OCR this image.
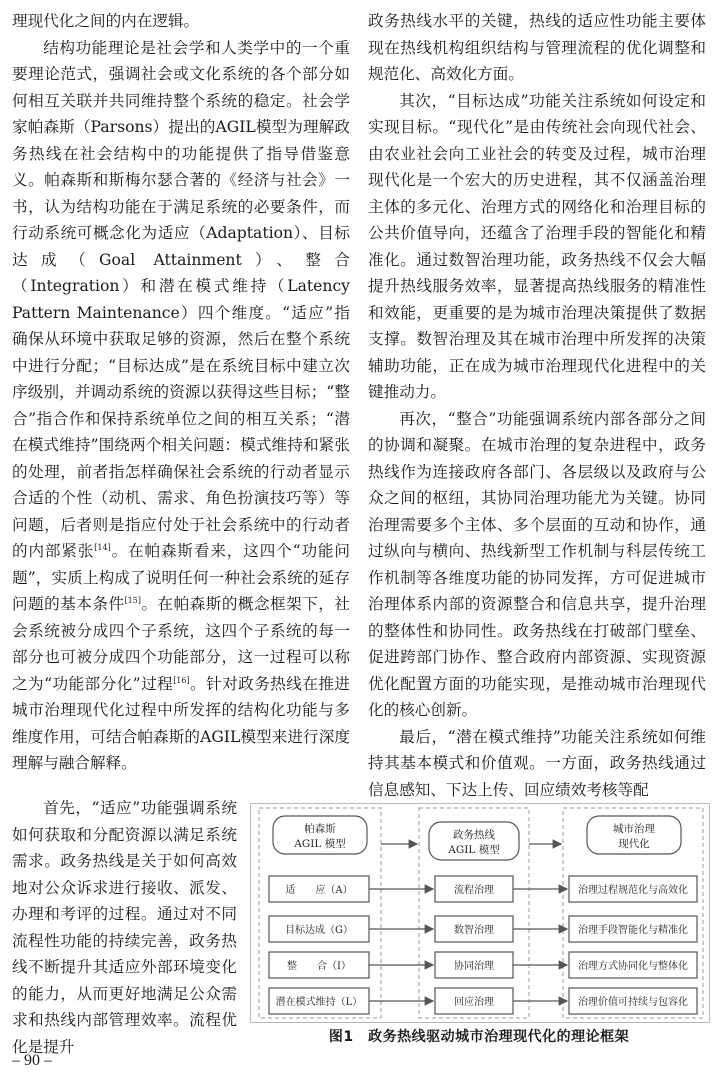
理现代化之间的内在逻辑。

结构功能理论是社会学和人类学中的一个重要理论范式，强调社会或文化系统的各个部分如何相互关联并共同维持整个系统的稳定。社会学家帕森斯（Parsons）提出的AGIL模型为理解政务热线在社会结构中的功能提供了指导借鉴意义。帕森斯和斯梅尔瑟合著的《经济与社会》一书，认为结构功能在于满足系统的必要条件，而行动系统可概念化为适应（Adaptation）、目标达成（Goal Attainment）、整合（Integration）和潜在模式维持（Latency Pattern Maintenance）四个维度。“适应”指确保从环境中获取足够的资源，然后在整个系统中进行分配；“目标达成”是在系统目标中建立次序级别，并调动系统的资源以获得这些目标；“整合”指合作和保持系统单位之间的相互关系；“潜在模式维持”围绕两个相关问题：模式维持和紧张的处理，前者指怎样确保社会系统的行动者显示合适的个性（动机、需求、角色扮演技巧等）等问题，后者则是指应付处于社会系统中的行动者的内部紧张[14]。在帕森斯看来，这四个“功能问题”，实质上构成了说明任何一种社会系统的延存问题的基本条件[15]。在帕森斯的概念框架下，社会系统被分成四个子系统，这四个子系统的每一部分也可被分成四个功能部分，这一过程可以称之为“功能部分化”过程[16]。针对政务热线在推进城市治理现代化过程中所发挥的结构化功能与多维度作用，可结合帕森斯的AGIL模型来进行深度理解与融合解释。

首先，“适应”功能强调系统如何获取和分配资源以满足系统需求。政务热线是关于如何高效地对公众诉求进行接收、派发、办理和考评的过程。通过对不同流程性功能的持续完善，政务热线不断提升其适应外部环境变化的能力，从而更好地满足公众需求和热线内部管理效率。流程优化是提升

政务热线水平的关键，热线的适应性功能主要体现在热线机构组织结构与管理流程的优化调整和规范化、高效化方面。

其次，“目标达成”功能关注系统如何设定和实现目标。“现代化”是由传统社会向现代社会、由农业社会向工业社会的转变及过程，城市治理现代化是一个宏大的历史进程，其不仅涵盖治理主体的多元化、治理方式的网络化和治理目标的公共价值导向，还蕴含了治理手段的智能化和精准化。通过数智治理功能，政务热线不仅会大幅提升热线服务效率，显著提高热线服务的精准性和效能，更重要的是为城市治理决策提供了数据支撑。数智治理及其在城市治理中所发挥的决策辅助功能，正在成为城市治理现代化进程中的关键推动力。

再次，“整合”功能强调系统内部各部分之间的协调和凝聚。在城市治理的复杂进程中，政务热线作为连接政府各部门、各层级以及政府与公众之间的枢纽，其协同治理功能尤为关键。协同治理需要多个主体、多个层面的互动和协作，通过纵向与横向、热线新型工作机制与科层传统工作机制等各维度功能的协同发挥，方可促进城市治理体系内部的资源整合和信息共享，提升治理的整体性和协同性。政务热线在打破部门壁垒、促进跨部门协作、整合政府内部资源、实现资源优化配置方面的功能实现，是推动城市治理现代化的核心创新。

最后，“潜在模式维持”功能关注系统如何维持其基本模式和价值观。一方面，政务热线通过信息感知、下达上传、回应绩效考核等配

帕森斯
AGIL 模型
政务热线
AGIL 模型
城市治理
现代化
适　　应（A）	流程治理	治理过程规范化与高效化
目标达成（G）	数智治理	治理手段智能化与精准化
整　　合（I）	协同治理	治理方式协同化与整体化
潜在模式维持（L）	回应治理	治理价值可持续与包容化
图1　政务热线驱动城市治理现代化的理论框架
– 90 –
